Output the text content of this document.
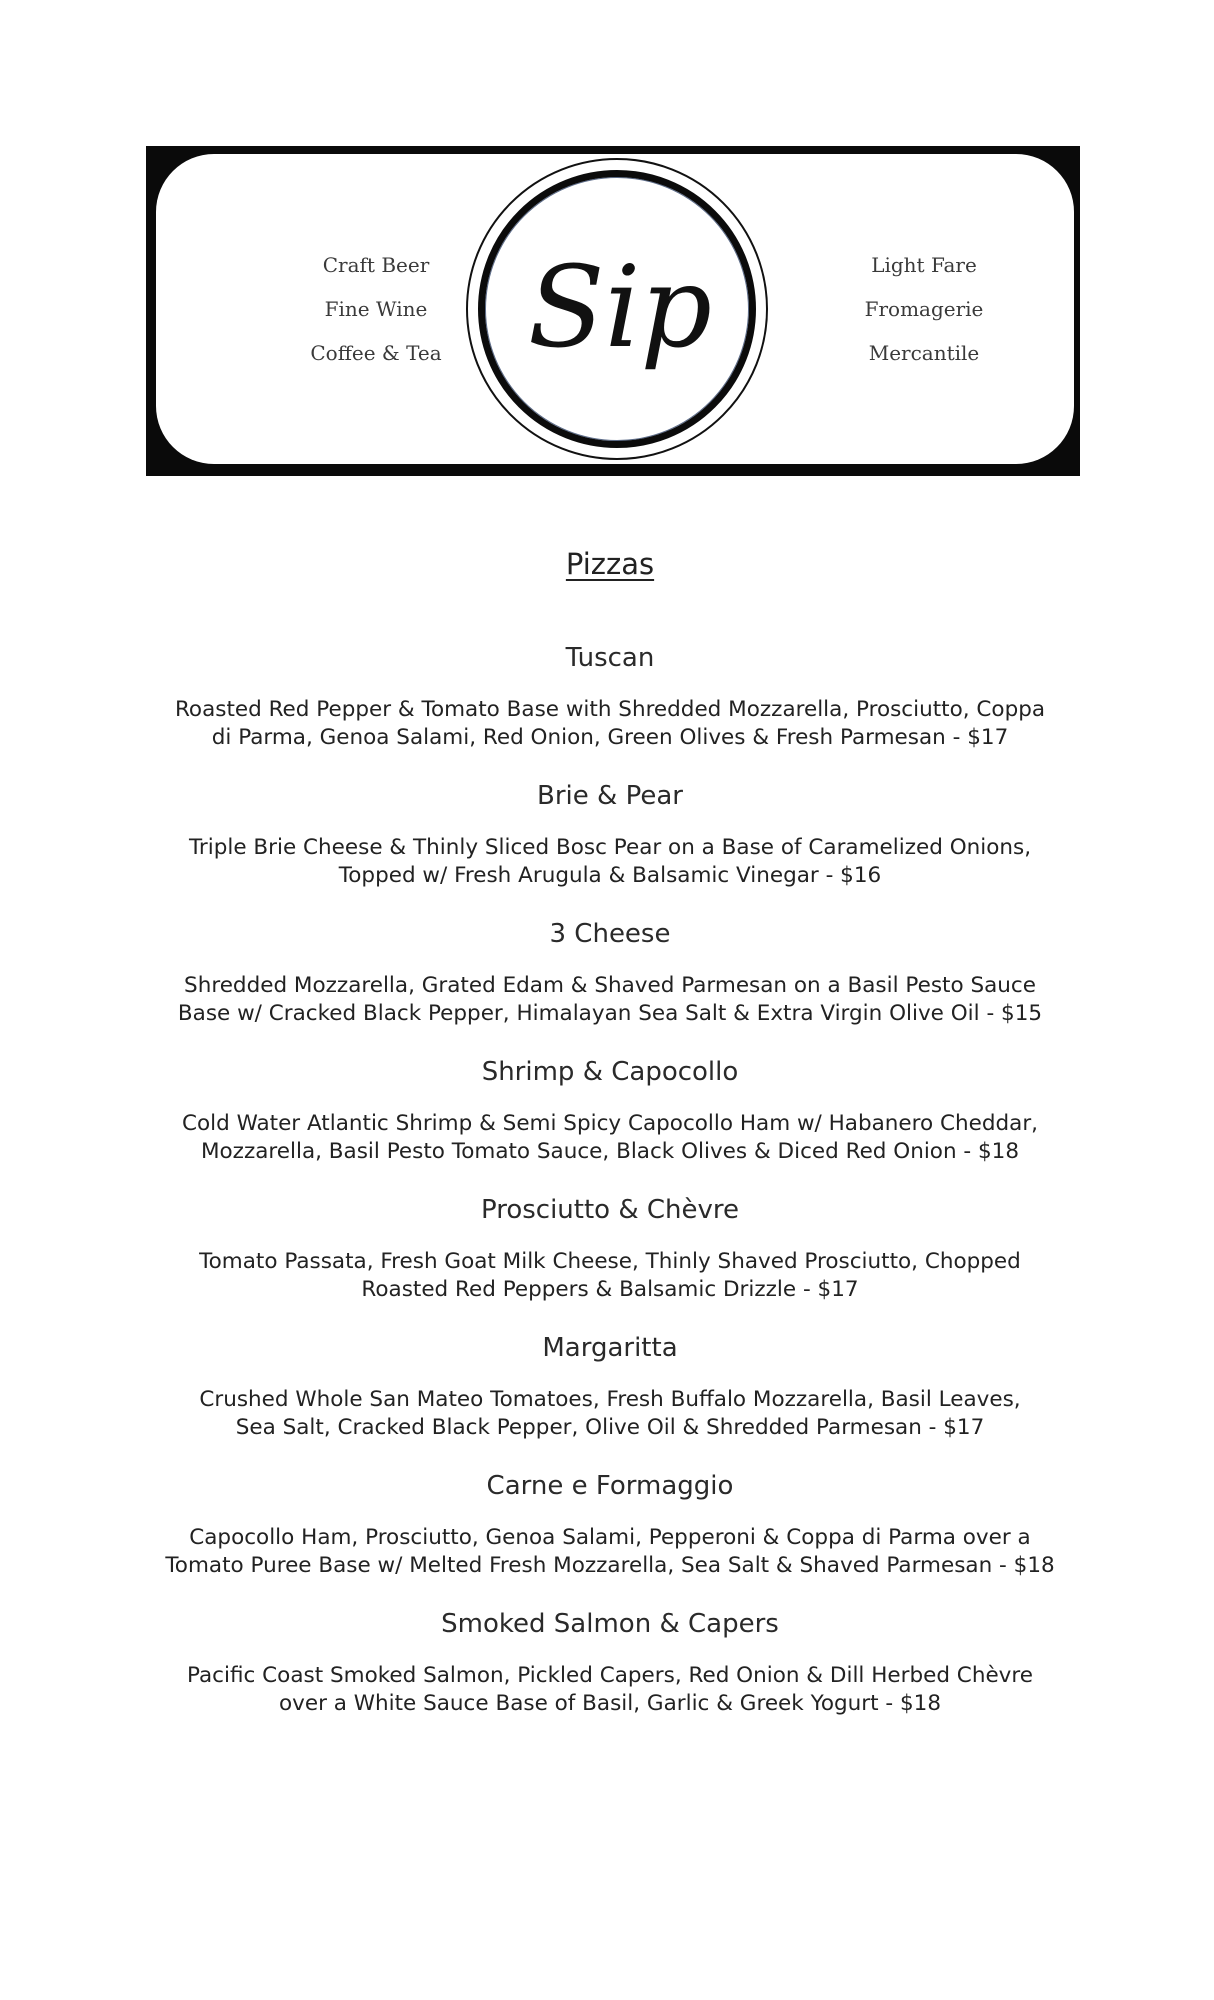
Craft Beer
Fine Wine
Coffee & Tea Sip	Light Fare
Fromagerie
Mercantile
Pizzas
Tuscan
Roasted Red Pepper & Tomato Base with Shredded Mozzarella, Prosciutto, Coppa
di Parma, Genoa Salami, Red Onion, Green Olives & Fresh Parmesan - $17
Brie & Pear
Triple Brie Cheese & Thinly Sliced Bosc Pear on a Base of Caramelized Onions,
Topped w/ Fresh Arugula & Balsamic Vinegar - $16
3 Cheese
Shredded Mozzarella, Grated Edam & Shaved Parmesan on a Basil Pesto Sauce
Base w/ Cracked Black Pepper, Himalayan Sea Salt & Extra Virgin Olive Oil - $15
Shrimp & Capocollo
Cold Water Atlantic Shrimp & Semi Spicy Capocollo Ham w/ Habanero Cheddar,
Mozzarella, Basil Pesto Tomato Sauce, Black Olives & Diced Red Onion - $18
Prosciutto & Chèvre
Tomato Passata, Fresh Goat Milk Cheese, Thinly Shaved Prosciutto, Chopped
Roasted Red Peppers & Balsamic Drizzle - $17
Margaritta
Crushed Whole San Mateo Tomatoes, Fresh Buffalo Mozzarella, Basil Leaves,
Sea Salt, Cracked Black Pepper, Olive Oil & Shredded Parmesan - $17
Carne e Formaggio
Capocollo Ham, Prosciutto, Genoa Salami, Pepperoni & Coppa di Parma over a
Tomato Puree Base w/ Melted Fresh Mozzarella, Sea Salt & Shaved Parmesan - $18
Smoked Salmon & Capers
Pacific Coast Smoked Salmon, Pickled Capers, Red Onion & Dill Herbed Chèvre
over a White Sauce Base of Basil, Garlic & Greek Yogurt - $18
